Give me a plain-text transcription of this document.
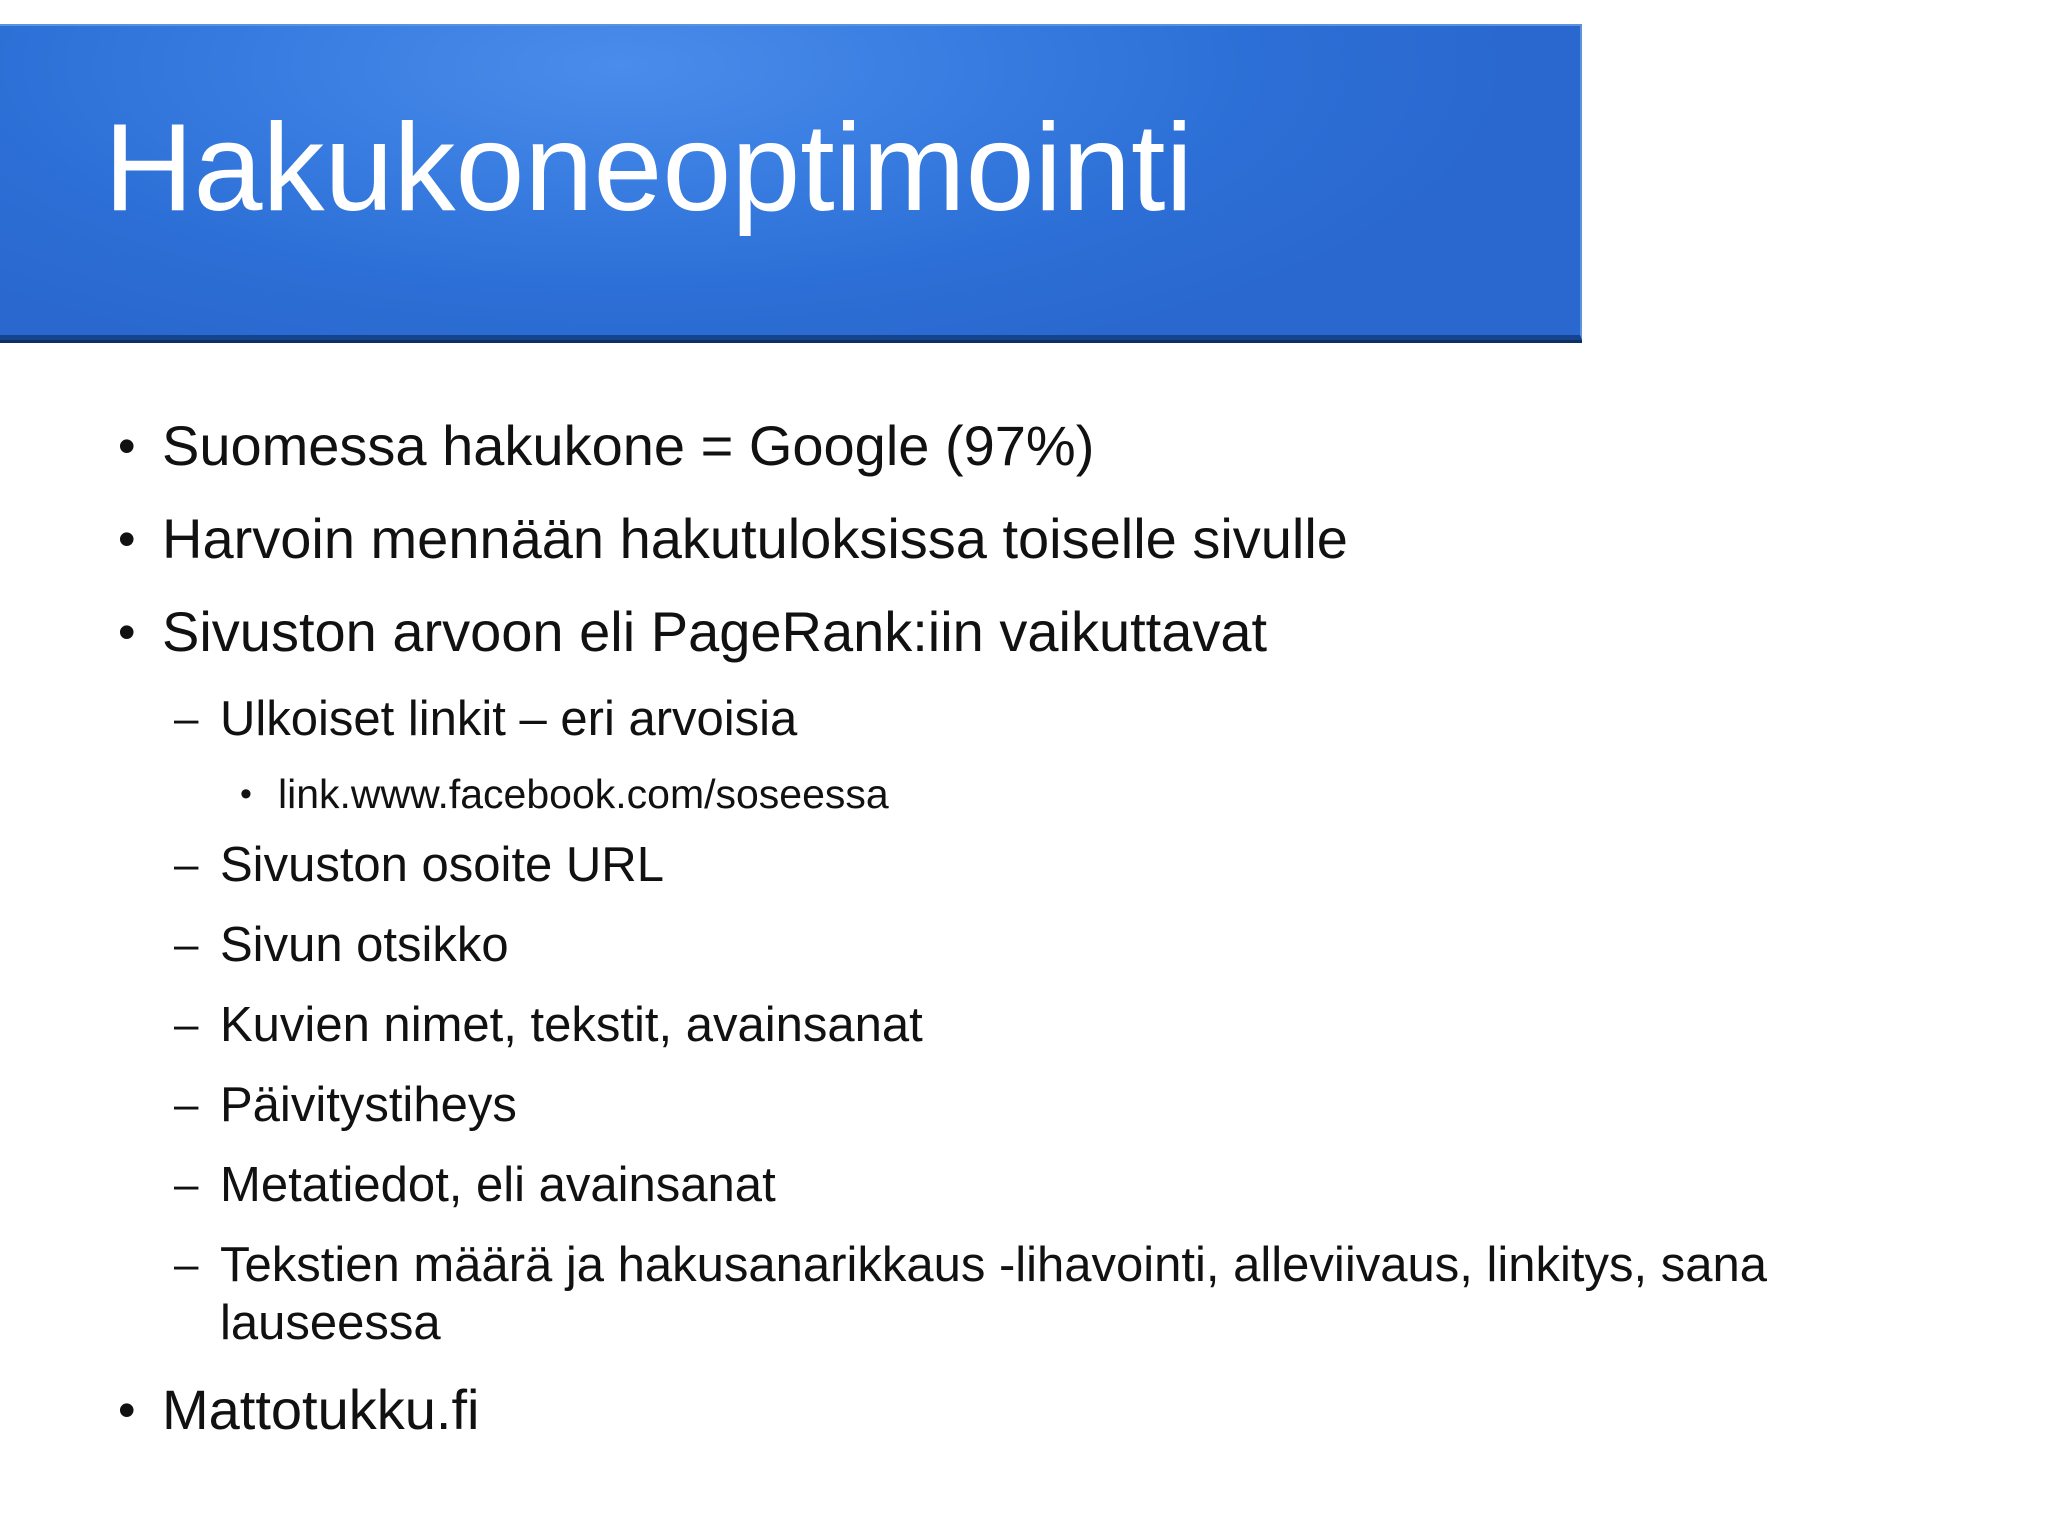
Hakukoneoptimointi
• Suomessa hakukone = Google (97%)
• Harvoin mennään hakutuloksissa toiselle sivulle
• Sivuston arvoon eli PageRank:iin vaikuttavat
– Ulkoiset linkit – eri arvoisia
• link.www.facebook.com/soseessa
– Sivuston osoite URL
– Sivun otsikko
– Kuvien nimet, tekstit, avainsanat
– Päivitystiheys
– Metatiedot, eli avainsanat
– Tekstien määrä ja hakusanarikkaus -lihavointi, alleviivaus, linkitys, sana lauseessa
• Mattotukku.fi
